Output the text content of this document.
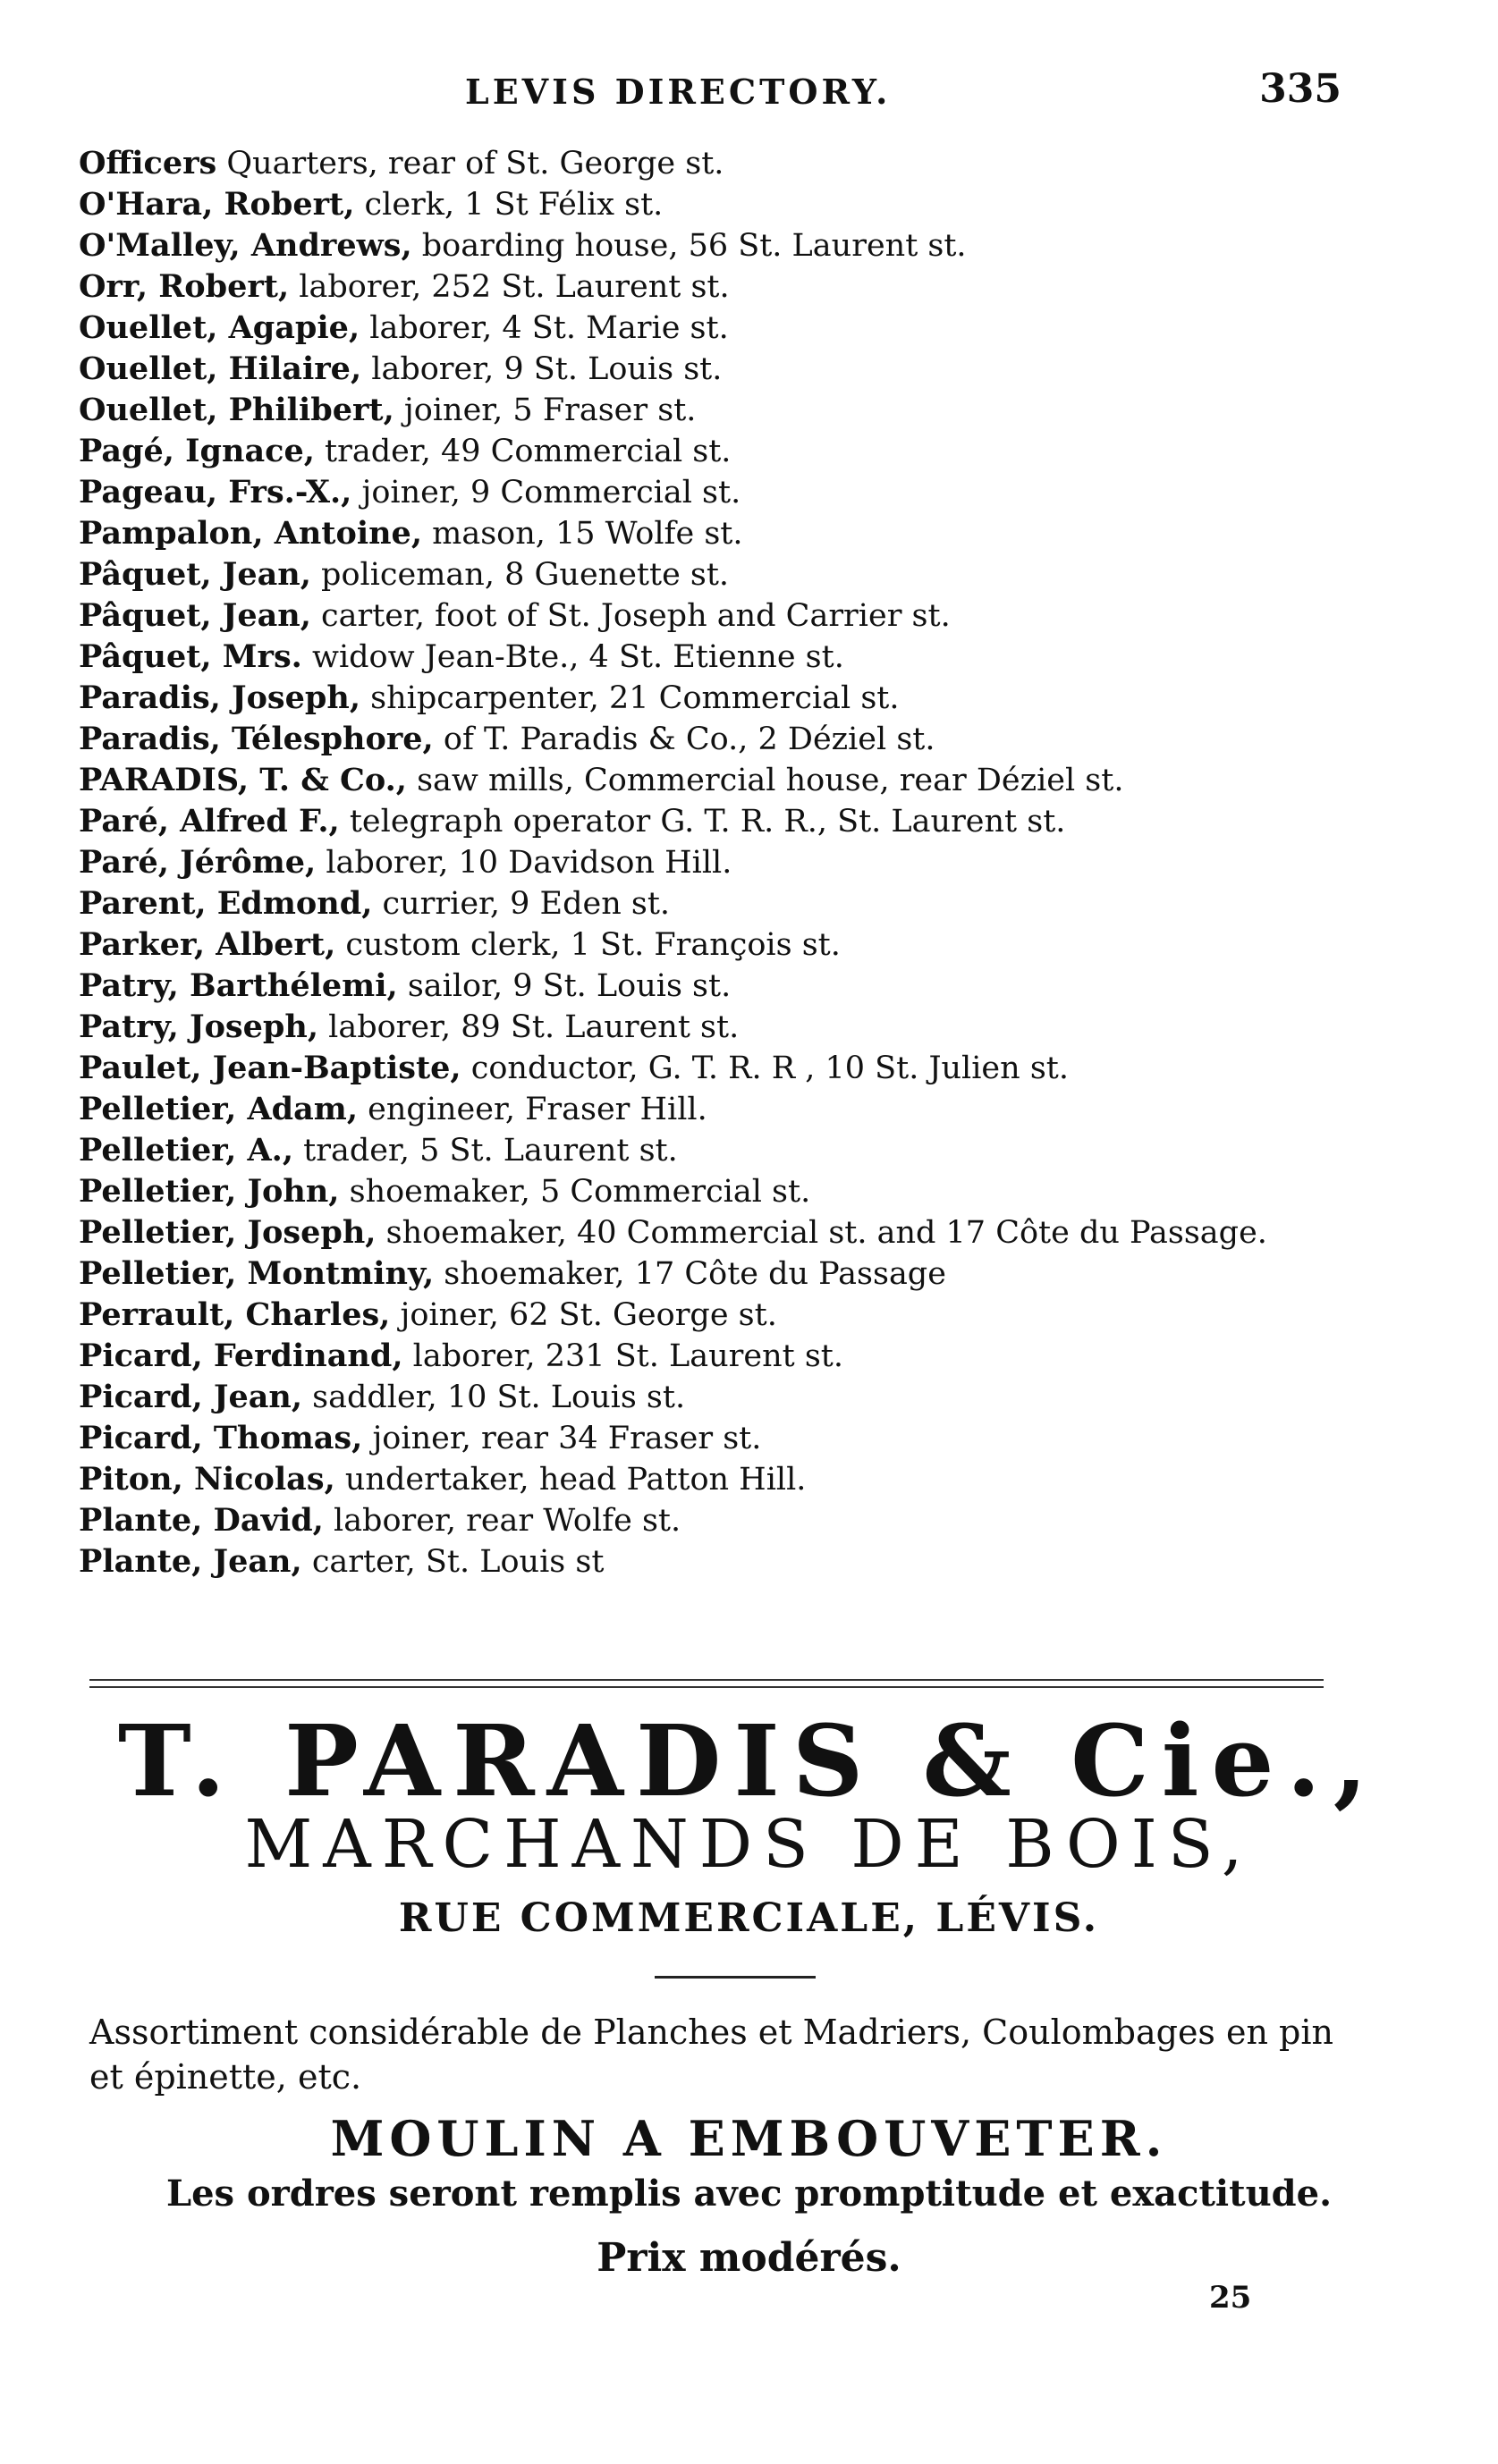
LEVIS DIRECTORY.	335
Officers Quarters, rear of St. George st.
O'Hara, Robert, clerk, 1 St Félix st.
O'Malley, Andrews, boarding house, 56 St. Laurent st.
Orr, Robert, laborer, 252 St. Laurent st.
Ouellet, Agapie, laborer, 4 St. Marie st.
Ouellet, Hilaire, laborer, 9 St. Louis st.
Ouellet, Philibert, joiner, 5 Fraser st.
Pagé, Ignace, trader, 49 Commercial st.
Pageau, Frs.-X., joiner, 9 Commercial st.
Pampalon, Antoine, mason, 15 Wolfe st.
Pâquet, Jean, policeman, 8 Guenette st.
Pâquet, Jean, carter, foot of St. Joseph and Carrier st.
Pâquet, Mrs. widow Jean-Bte., 4 St. Etienne st.
Paradis, Joseph, shipcarpenter, 21 Commercial st.
Paradis, Télesphore, of T. Paradis & Co., 2 Déziel st.
PARADIS, T. & Co., saw mills, Commercial house, rear Déziel st.
Paré, Alfred F., telegraph operator G. T. R. R., St. Laurent st.
Paré, Jérôme, laborer, 10 Davidson Hill.
Parent, Edmond, currier, 9 Eden st.
Parker, Albert, custom clerk, 1 St. François st.
Patry, Barthélemi, sailor, 9 St. Louis st.
Patry, Joseph, laborer, 89 St. Laurent st.
Paulet, Jean-Baptiste, conductor, G. T. R. R , 10 St. Julien st.
Pelletier, Adam, engineer, Fraser Hill.
Pelletier, A., trader, 5 St. Laurent st.
Pelletier, John, shoemaker, 5 Commercial st.
Pelletier, Joseph, shoemaker, 40 Commercial st. and 17 Côte du Passage.
Pelletier, Montminy, shoemaker, 17 Côte du Passage
Perrault, Charles, joiner, 62 St. George st.
Picard, Ferdinand, laborer, 231 St. Laurent st.
Picard, Jean, saddler, 10 St. Louis st.
Picard, Thomas, joiner, rear 34 Fraser st.
Piton, Nicolas, undertaker, head Patton Hill.
Plante, David, laborer, rear Wolfe st.
Plante, Jean, carter, St. Louis st
T. PARADIS & Cie.,
MARCHANDS DE BOIS,
RUE COMMERCIALE, LÉVIS.
Assortiment considérable de Planches et Madriers, Coulombages en pin et épinette, etc.
MOULIN A EMBOUVETER.
Les ordres seront remplis avec promptitude et exactitude.
Prix modérés.
25
